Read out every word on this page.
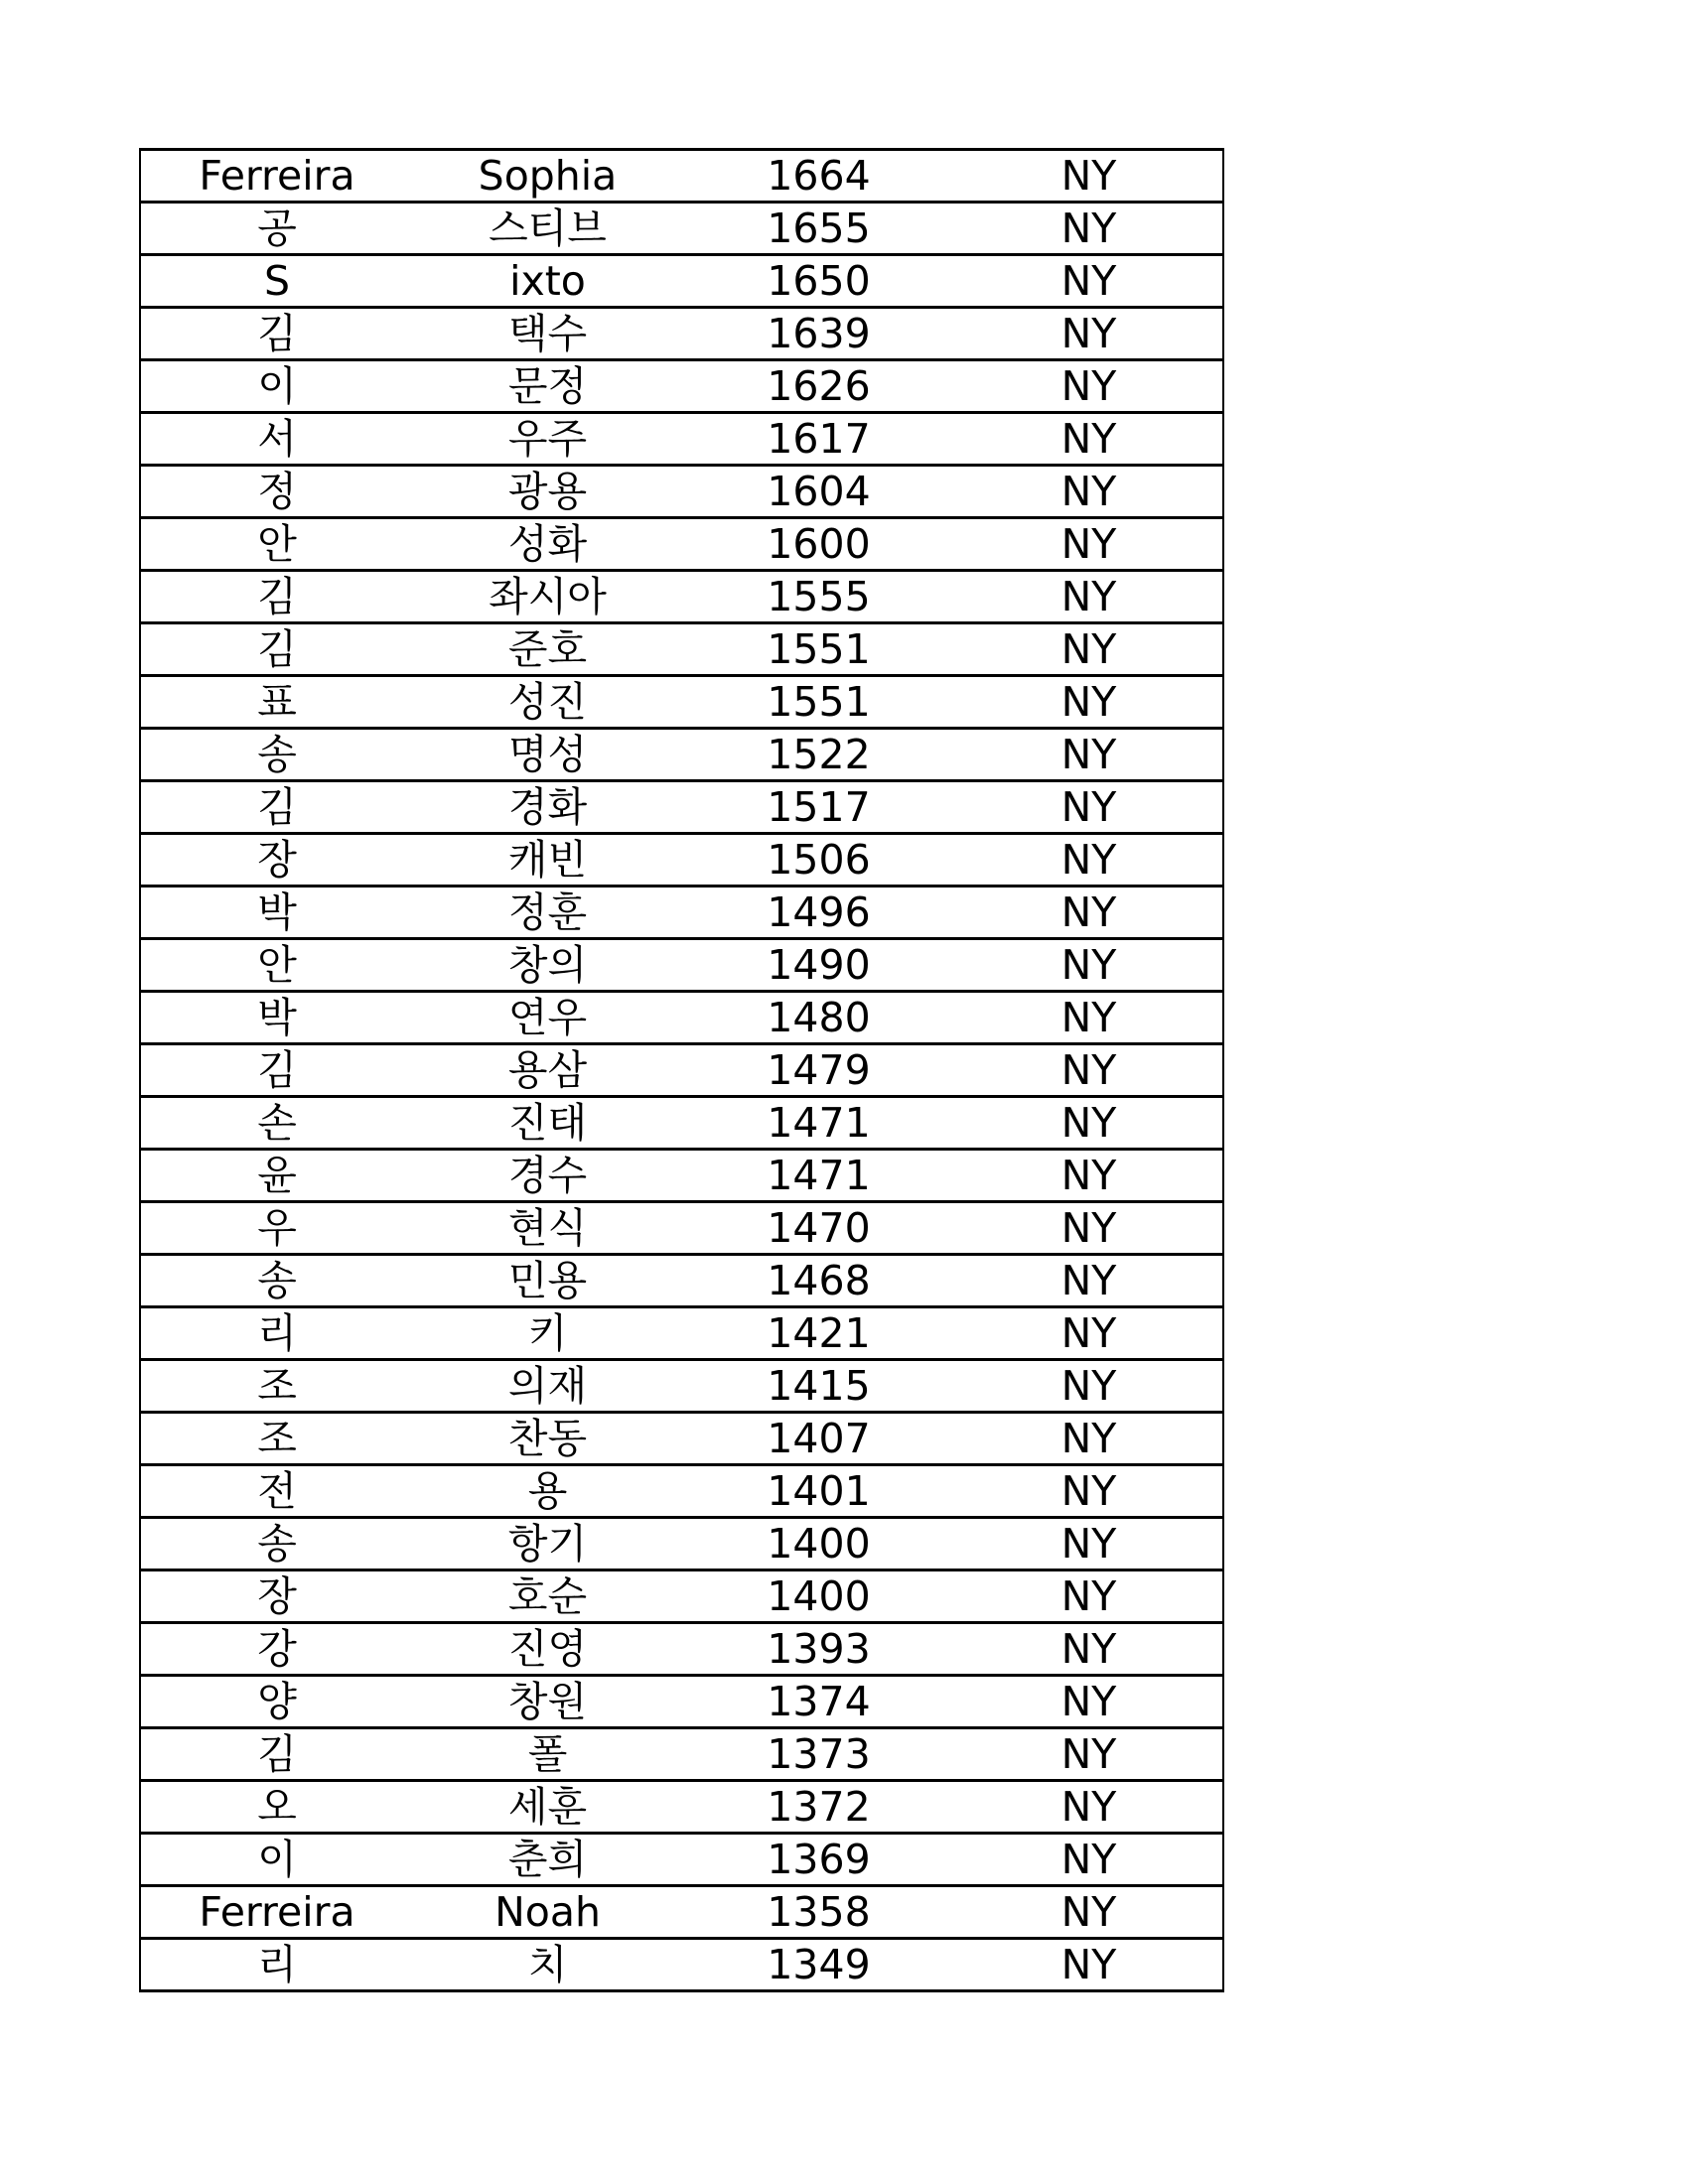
Ferreira	Sophia	1664	NY
공	스티브	1655	NY
S	ixto	1650	NY
김	택수	1639	NY
이	문정	1626	NY
서	우주	1617	NY
정	광용	1604	NY
안	성화	1600	NY
김	좌시아	1555	NY
김	준호	1551	NY
표	성진	1551	NY
송	명성	1522	NY
김	경화	1517	NY
장	캐빈	1506	NY
박	정훈	1496	NY
안	창의	1490	NY
박	연우	1480	NY
김	용삼	1479	NY
손	진태	1471	NY
윤	경수	1471	NY
우	현식	1470	NY
송	민용	1468	NY
리	키	1421	NY
조	의재	1415	NY
조	찬동	1407	NY
전	용	1401	NY
송	항기	1400	NY
장	호순	1400	NY
강	진영	1393	NY
양	창원	1374	NY
김	폴	1373	NY
오	세훈	1372	NY
이	춘희	1369	NY
Ferreira	Noah	1358	NY
리	치	1349	NY
